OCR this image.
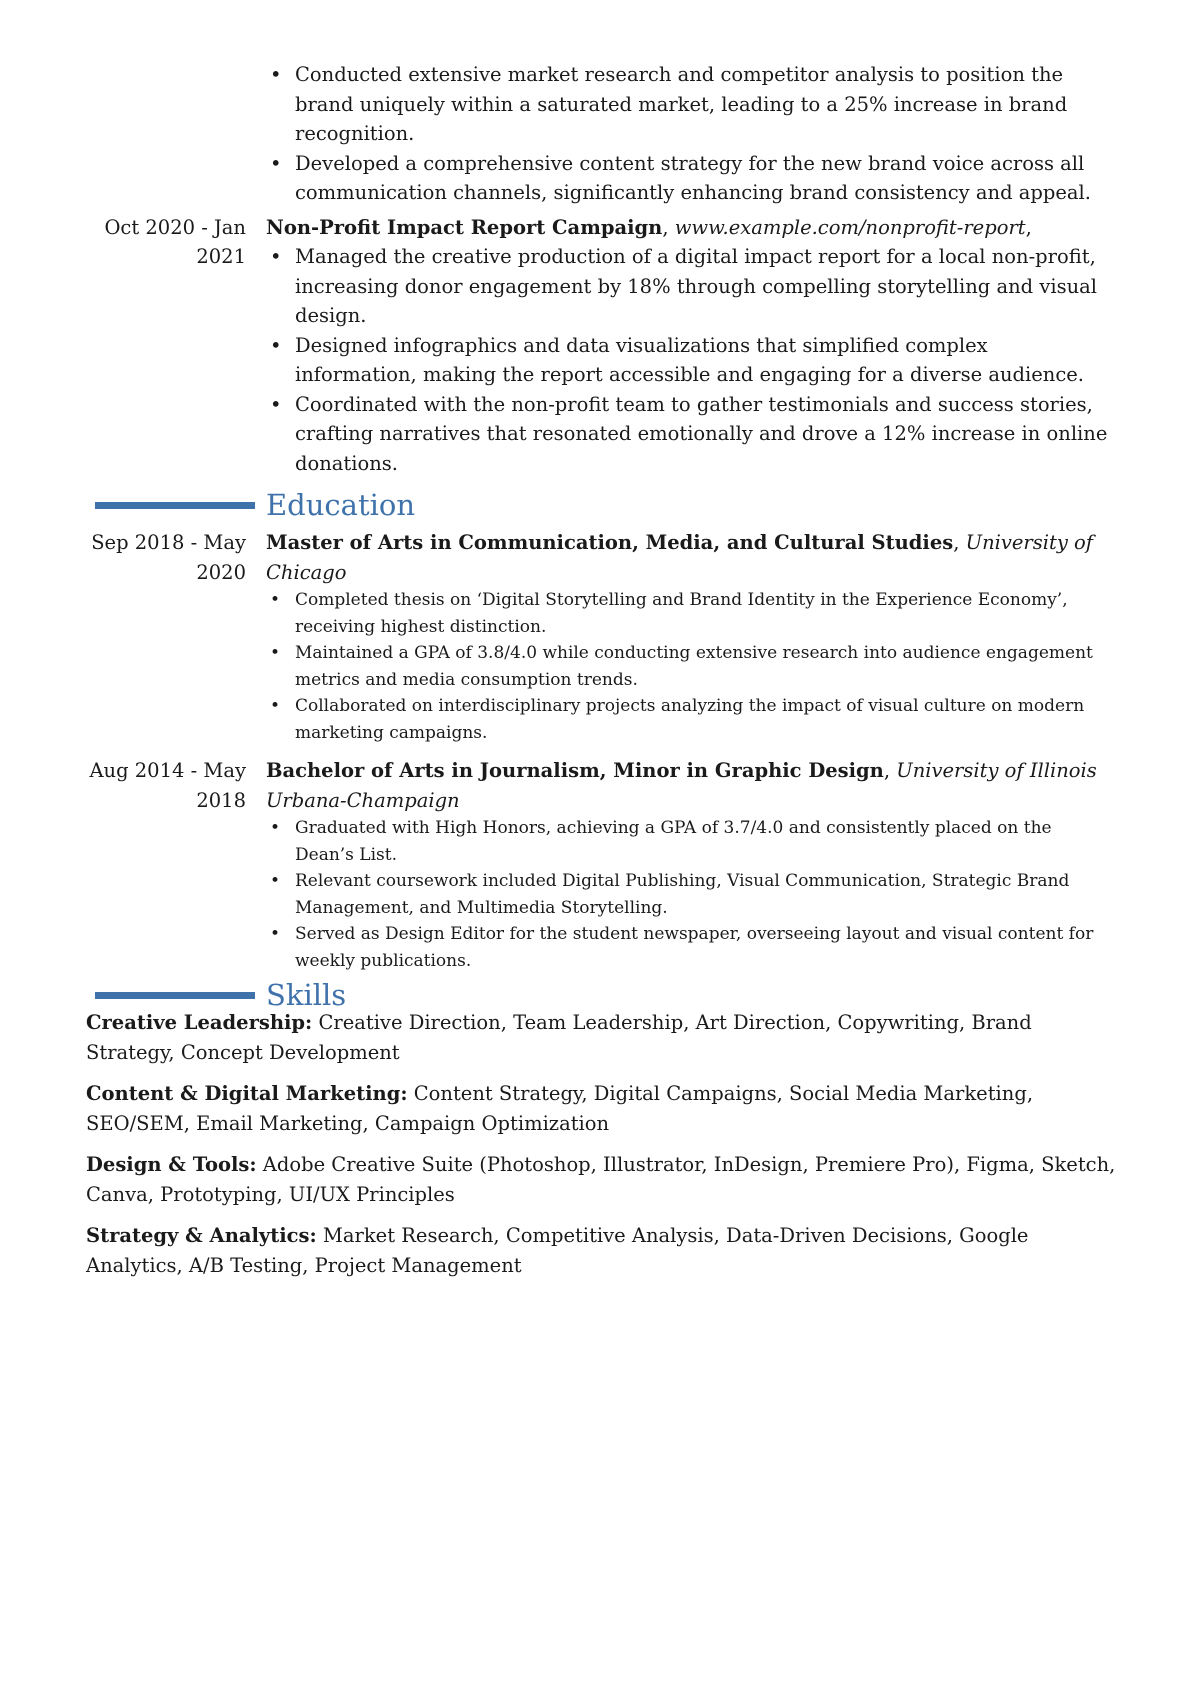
• Conducted extensive market research and competitor analysis to position the brand uniquely within a saturated market, leading to a 25% increase in brand recognition.
• Developed a comprehensive content strategy for the new brand voice across all communication channels, significantly enhancing brand consistency and appeal.
Oct 2020 - Jan 2021
Non-Profit Impact Report Campaign, www.example.com/nonprofit-report,
• Managed the creative production of a digital impact report for a local non-profit, increasing donor engagement by 18% through compelling storytelling and visual design.
• Designed infographics and data visualizations that simplified complex information, making the report accessible and engaging for a diverse audience.
• Coordinated with the non-profit team to gather testimonials and success stories, crafting narratives that resonated emotionally and drove a 12% increase in online donations.
Education
Sep 2018 - May 2020
Master of Arts in Communication, Media, and Cultural Studies, University of Chicago
• Completed thesis on ‘Digital Storytelling and Brand Identity in the Experience Economy’, receiving highest distinction.
• Maintained a GPA of 3.8/4.0 while conducting extensive research into audience engagement metrics and media consumption trends.
• Collaborated on interdisciplinary projects analyzing the impact of visual culture on modern marketing campaigns.
Aug 2014 - May 2018
Bachelor of Arts in Journalism, Minor in Graphic Design, University of Illinois Urbana-Champaign
• Graduated with High Honors, achieving a GPA of 3.7/4.0 and consistently placed on the Dean’s List.
• Relevant coursework included Digital Publishing, Visual Communication, Strategic Brand Management, and Multimedia Storytelling.
• Served as Design Editor for the student newspaper, overseeing layout and visual content for weekly publications.
Skills
Creative Leadership: Creative Direction, Team Leadership, Art Direction, Copywriting, Brand Strategy, Concept Development
Content & Digital Marketing: Content Strategy, Digital Campaigns, Social Media Marketing, SEO/SEM, Email Marketing, Campaign Optimization
Design & Tools: Adobe Creative Suite (Photoshop, Illustrator, InDesign, Premiere Pro), Figma, Sketch, Canva, Prototyping, UI/UX Principles
Strategy & Analytics: Market Research, Competitive Analysis, Data-Driven Decisions, Google Analytics, A/B Testing, Project Management
